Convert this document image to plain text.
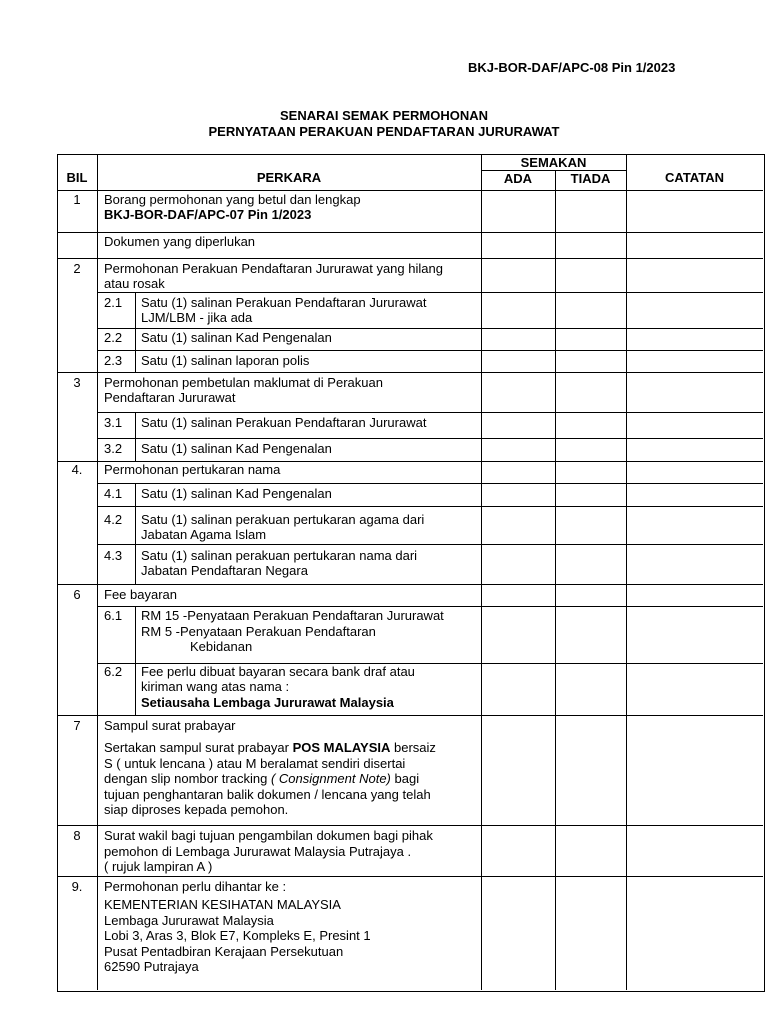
BKJ-BOR-DAF/APC-08 Pin 1/2023
SENARAI SEMAK PERMOHONAN
PERNYATAAN PERAKUAN PENDAFTARAN JURURAWAT
BIL	PERKARA
SEMAKAN
ADA	TIADA	CATATAN
1	Borang permohonan yang betul dan lengkap
BKJ-BOR-DAF/APC-07 Pin 1/2023
Dokumen yang diperlukan
2	Permohonan Perakuan Pendaftaran Jururawat yang hilang
atau rosak
2.1 Satu (1) salinan Perakuan Pendaftaran Jururawat
LJM/LBM - jika ada
2.2 Satu (1) salinan Kad Pengenalan
2.3 Satu (1) salinan laporan polis
3	Permohonan pembetulan maklumat di Perakuan
Pendaftaran Jururawat
3.1 Satu (1) salinan Perakuan Pendaftaran Jururawat
3.2 Satu (1) salinan Kad Pengenalan
4.	Permohonan pertukaran nama
4.1 Satu (1) salinan Kad Pengenalan
4.2 Satu (1) salinan perakuan pertukaran agama dari
Jabatan Agama Islam
4.3 Satu (1) salinan perakuan pertukaran nama dari
Jabatan Pendaftaran Negara
6	Fee bayaran
6.1 RM 15 -Penyataan Perakuan Pendaftaran Jururawat
RM 5 -Penyataan Perakuan Pendaftaran
Kebidanan
6.2 Fee perlu dibuat bayaran secara bank draf atau
kiriman wang atas nama :
Setiausaha Lembaga Jururawat Malaysia
7	Sampul surat prabayar
Sertakan sampul surat prabayar POS MALAYSIA bersaiz
S ( untuk lencana ) atau M beralamat sendiri disertai
dengan slip nombor tracking ( Consignment Note) bagi
tujuan penghantaran balik dokumen / lencana yang telah
siap diproses kepada pemohon.
8	Surat wakil bagi tujuan pengambilan dokumen bagi pihak
pemohon di Lembaga Jururawat Malaysia Putrajaya .
( rujuk lampiran A )
9.	Permohonan perlu dihantar ke :
KEMENTERIAN KESIHATAN MALAYSIA
Lembaga Jururawat Malaysia
Lobi 3, Aras 3, Blok E7, Kompleks E, Presint 1
Pusat Pentadbiran Kerajaan Persekutuan
62590 Putrajaya
